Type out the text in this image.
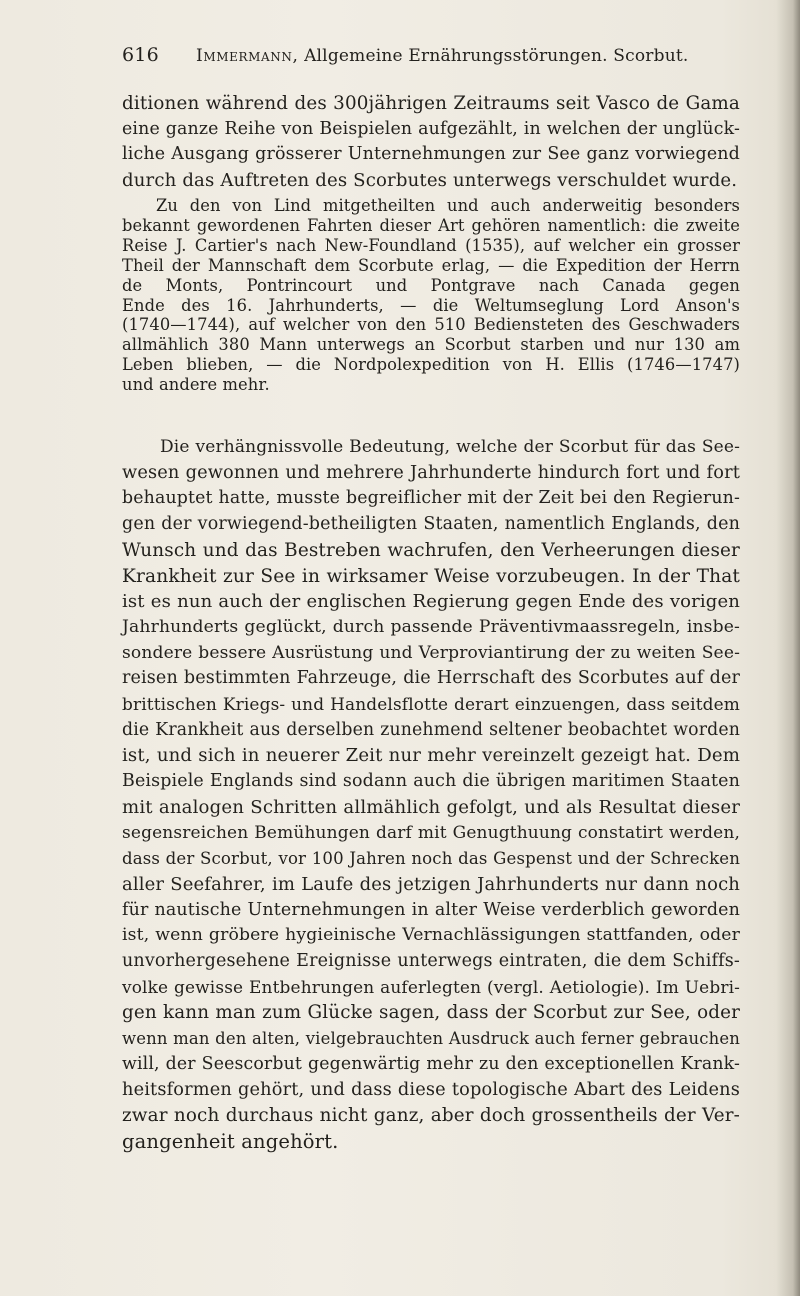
616 Immermann, Allgemeine Ernährungsstörungen. Scorbut.
ditionen während des 300jährigen Zeitraums seit Vasco de Gama
eine ganze Reihe von Beispielen aufgezählt, in welchen der unglück-
liche Ausgang grösserer Unternehmungen zur See ganz vorwiegend
durch das Auftreten des Scorbutes unterwegs verschuldet wurde.
Zu den von Lind mitgetheilten und auch anderweitig besonders
bekannt gewordenen Fahrten dieser Art gehören namentlich: die zweite
Reise J. Cartier's nach New-Foundland (1535), auf welcher ein grosser
Theil der Mannschaft dem Scorbute erlag, — die Expedition der Herrn
de Monts, Pontrincourt und Pontgrave nach Canada gegen
Ende des 16. Jahrhunderts, — die Weltumseglung Lord Anson's
(1740—1744), auf welcher von den 510 Bediensteten des Geschwaders
allmählich 380 Mann unterwegs an Scorbut starben und nur 130 am
Leben blieben, — die Nordpolexpedition von H. Ellis (1746—1747)
und andere mehr.
Die verhängnissvolle Bedeutung, welche der Scorbut für das See-
wesen gewonnen und mehrere Jahrhunderte hindurch fort und fort
behauptet hatte, musste begreiflicher mit der Zeit bei den Regierun-
gen der vorwiegend-betheiligten Staaten, namentlich Englands, den
Wunsch und das Bestreben wachrufen, den Verheerungen dieser
Krankheit zur See in wirksamer Weise vorzubeugen. In der That
ist es nun auch der englischen Regierung gegen Ende des vorigen
Jahrhunderts geglückt, durch passende Präventivmaassregeln, insbe-
sondere bessere Ausrüstung und Verproviantirung der zu weiten See-
reisen bestimmten Fahrzeuge, die Herrschaft des Scorbutes auf der
brittischen Kriegs- und Handelsflotte derart einzuengen, dass seitdem
die Krankheit aus derselben zunehmend seltener beobachtet worden
ist, und sich in neuerer Zeit nur mehr vereinzelt gezeigt hat. Dem
Beispiele Englands sind sodann auch die übrigen maritimen Staaten
mit analogen Schritten allmählich gefolgt, und als Resultat dieser
segensreichen Bemühungen darf mit Genugthuung constatirt werden,
dass der Scorbut, vor 100 Jahren noch das Gespenst und der Schrecken
aller Seefahrer, im Laufe des jetzigen Jahrhunderts nur dann noch
für nautische Unternehmungen in alter Weise verderblich geworden
ist, wenn gröbere hygieinische Vernachlässigungen stattfanden, oder
unvorhergesehene Ereignisse unterwegs eintraten, die dem Schiffs-
volke gewisse Entbehrungen auferlegten (vergl. Aetiologie). Im Uebri-
gen kann man zum Glücke sagen, dass der Scorbut zur See, oder
wenn man den alten, vielgebrauchten Ausdruck auch ferner gebrauchen
will, der Seescorbut gegenwärtig mehr zu den exceptionellen Krank-
heitsformen gehört, und dass diese topologische Abart des Leidens
zwar noch durchaus nicht ganz, aber doch grossentheils der Ver-
gangenheit angehört.
